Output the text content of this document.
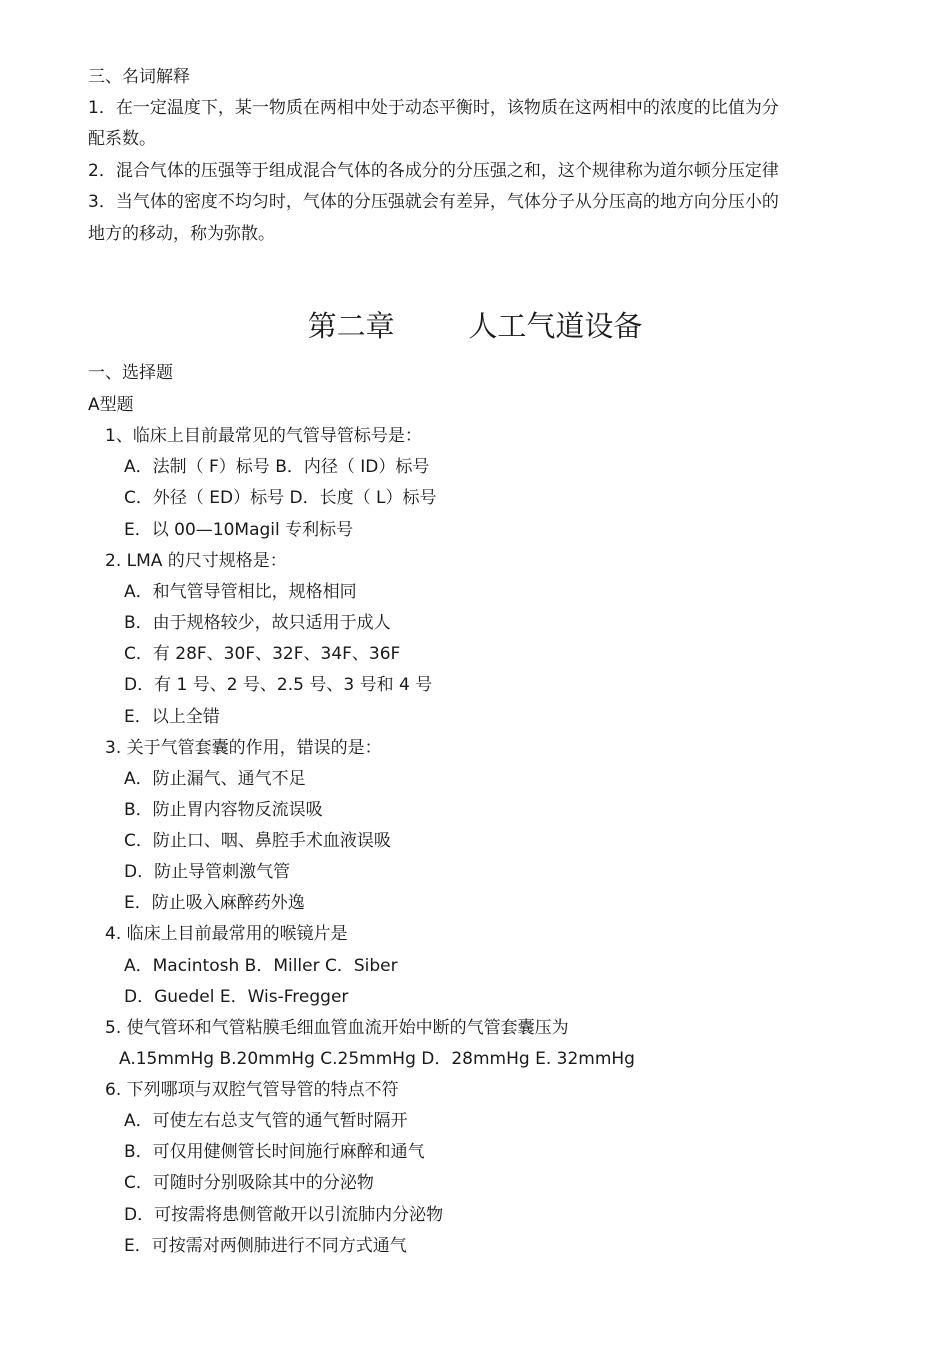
三、名词解释
1．在一定温度下，某一物质在两相中处于动态平衡时，该物质在这两相中的浓度的比值为分
配系数。
2．混合气体的压强等于组成混合气体的各成分的分压强之和，这个规律称为道尔顿分压定律
3．当气体的密度不均匀时，气体的分压强就会有差异，气体分子从分压高的地方向分压小的
地方的移动，称为弥散。
第二章        人工气道设备
一、选择题
A型题
1、临床上目前最常见的气管导管标号是：
A．法制（ F）标号 B．内径（ ID）标号
C．外径（ ED）标号 D．长度（ L）标号
E．以 00—10Magil 专利标号
2. LMA 的尺寸规格是：
A．和气管导管相比，规格相同
B．由于规格较少，故只适用于成人
C．有 28F、30F、32F、34F、36F
D．有 1 号、2 号、2.5 号、3 号和 4 号
E．以上全错
3. 关于气管套囊的作用，错误的是：
A．防止漏气、通气不足
B．防止胃内容物反流误吸
C．防止口、咽、鼻腔手术血液误吸
D．防止导管刺激气管
E．防止吸入麻醉药外逸
4. 临床上目前最常用的喉镜片是
A．Macintosh B．Miller C．Siber
D．Guedel E．Wis-Fregger
5. 使气管环和气管粘膜毛细血管血流开始中断的气管套囊压为
A.15mmHg B.20mmHg C.25mmHg D．28mmHg E. 32mmHg
6. 下列哪项与双腔气管导管的特点不符
A．可使左右总支气管的通气暂时隔开
B．可仅用健侧管长时间施行麻醉和通气
C．可随时分别吸除其中的分泌物
D．可按需将患侧管敞开以引流肺内分泌物
E．可按需对两侧肺进行不同方式通气
